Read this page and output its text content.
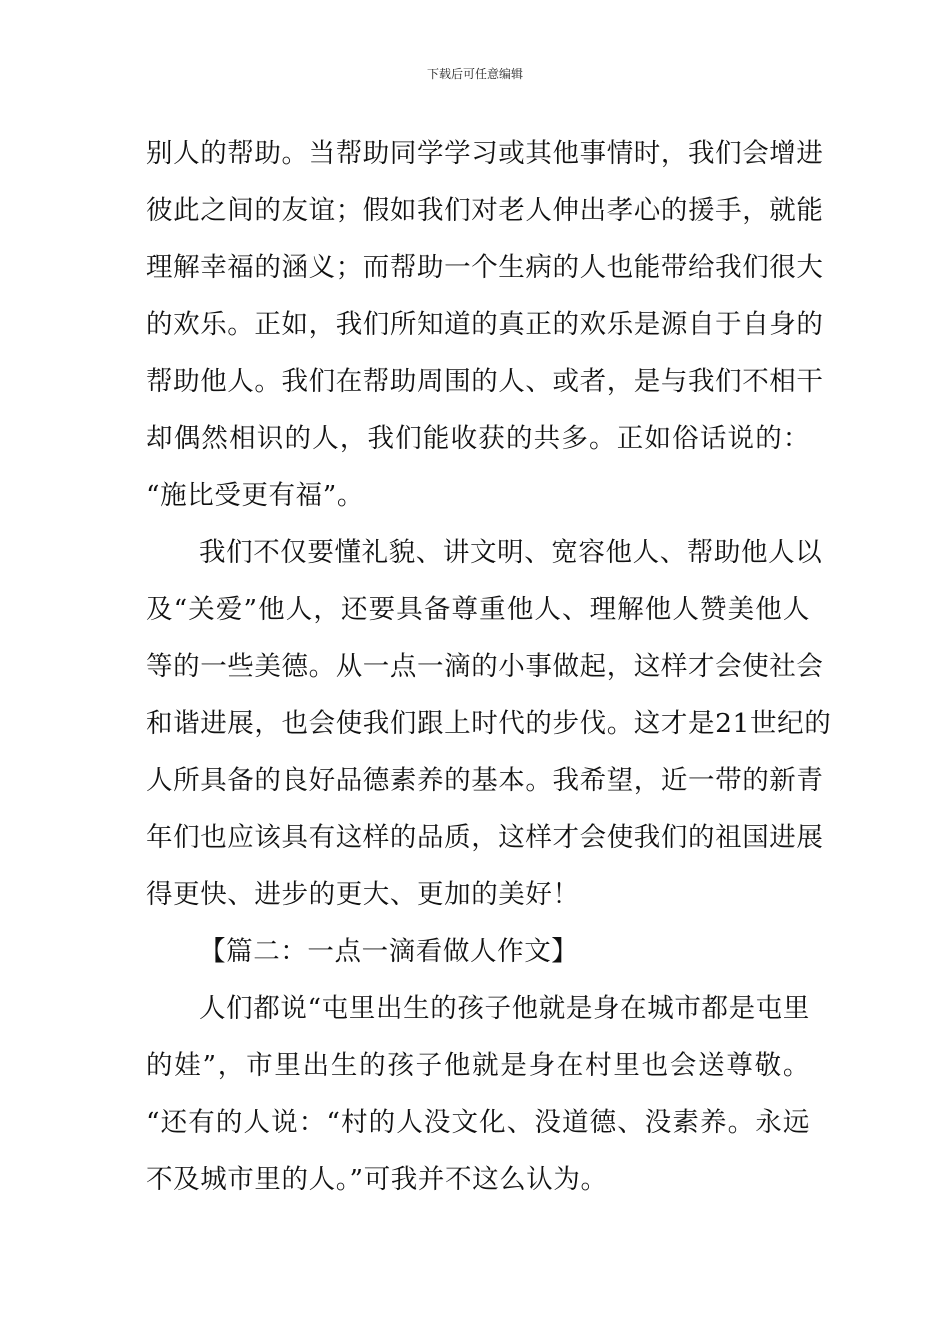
下载后可任意编辑
别人的帮助。当帮助同学学习或其他事情时，我们会增进
彼此之间的友谊；假如我们对老人伸出孝心的援手，就能
理解幸福的涵义；而帮助一个生病的人也能带给我们很大
的欢乐。正如，我们所知道的真正的欢乐是源自于自身的
帮助他人。我们在帮助周围的人、或者，是与我们不相干
却偶然相识的人，我们能收获的共多。正如俗话说的：
“施比受更有福”。
我们不仅要懂礼貌、讲文明、宽容他人、帮助他人以
及“关爱”他人，还要具备尊重他人、理解他人赞美他人
等的一些美德。从一点一滴的小事做起，这样才会使社会
和谐进展，也会使我们跟上时代的步伐。这才是21世纪的
人所具备的良好品德素养的基本。我希望，近一带的新青
年们也应该具有这样的品质，这样才会使我们的祖国进展
得更快、进步的更大、更加的美好！
【篇二：一点一滴看做人作文】
人们都说“屯里出生的孩子他就是身在城市都是屯里
的娃”，市里出生的孩子他就是身在村里也会送尊敬。
“还有的人说：“村的人没文化、没道德、没素养。永远
不及城市里的人。”可我并不这么认为。
